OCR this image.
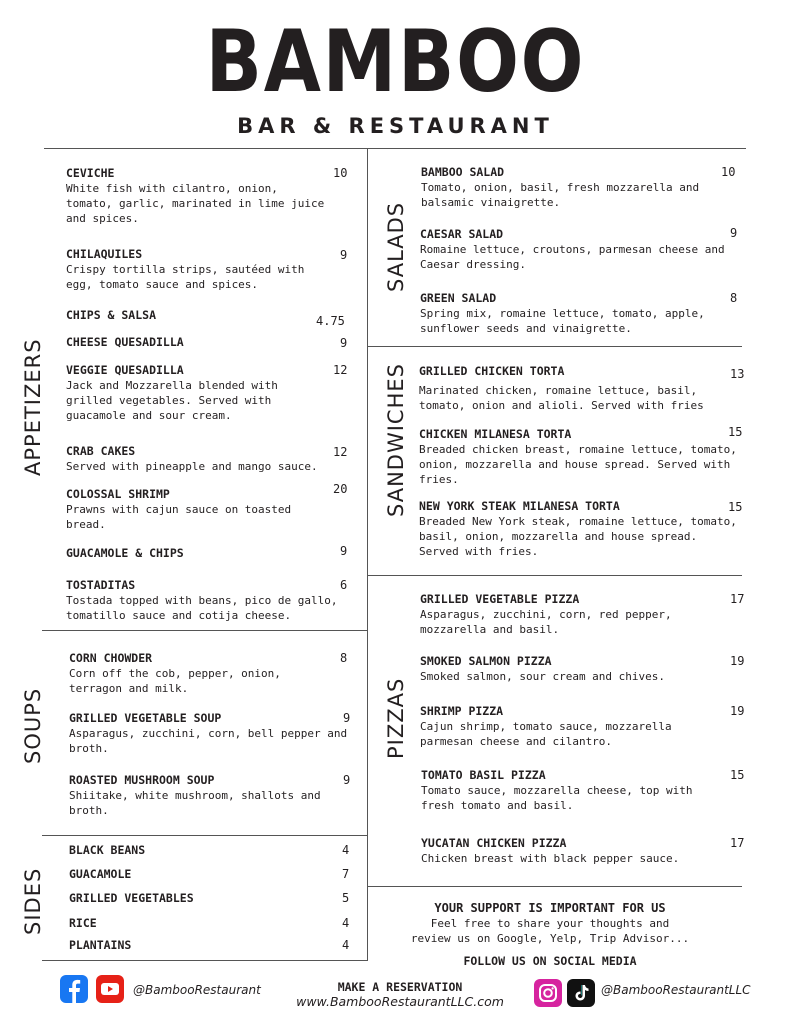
BAMBOO
BAR & RESTAURANT
APPETIZERS
SOUPS
SIDES
SALADS
SANDWICHES
PIZZAS
CEVICHE
White fish with cilantro, onion, tomato, garlic, marinated in lime juice and spices.
10
CHILAQUILES
Crispy tortilla strips, sautéed with egg, tomato sauce and spices.
9
CHIPS & SALSA	4.75
CHEESE QUESADILLA	9
VEGGIE QUESADILLA
Jack and Mozzarella blended with grilled vegetables. Served with guacamole and sour cream.
12
CRAB CAKES
Served with pineapple and mango sauce.
12
COLOSSAL SHRIMP
Prawns with cajun sauce on toasted bread.
20
GUACAMOLE & CHIPS	9
TOSTADITAS
Tostada topped with beans, pico de gallo, tomatillo sauce and cotija cheese.
6
CORN CHOWDER
Corn off the cob, pepper, onion, terragon and milk.
8
GRILLED VEGETABLE SOUP
Asparagus, zucchini, corn, bell pepper and broth.
9
ROASTED MUSHROOM SOUP
Shiitake, white mushroom, shallots and broth.
9
BLACK BEANS	4
GUACAMOLE	7
GRILLED VEGETABLES	5
RICE	4
PLANTAINS	4
BAMBOO SALAD
Tomato, onion, basil, fresh mozzarella and balsamic vinaigrette.
10
CAESAR SALAD
Romaine lettuce, croutons, parmesan cheese and Caesar dressing.
9
GREEN SALAD
Spring mix, romaine lettuce, tomato, apple, sunflower seeds and vinaigrette.
8
GRILLED CHICKEN TORTA
Marinated chicken, romaine lettuce, basil, tomato, onion and alioli. Served with fries
13
CHICKEN MILANESA TORTA
Breaded chicken breast, romaine lettuce, tomato, onion, mozzarella and house spread. Served with fries.
15
NEW YORK STEAK MILANESA TORTA
Breaded New York steak, romaine lettuce, tomato, basil, onion, mozzarella and house spread. Served with fries.
15
GRILLED VEGETABLE PIZZA
Asparagus, zucchini, corn, red pepper, mozzarella and basil.
17
SMOKED SALMON PIZZA
Smoked salmon, sour cream and chives.
19
SHRIMP PIZZA
Cajun shrimp, tomato sauce, mozzarella parmesan cheese and cilantro.
19
TOMATO BASIL PIZZA
Tomato sauce, mozzarella cheese, top with fresh tomato and basil.
15
YUCATAN CHICKEN PIZZA
Chicken breast with black pepper sauce.
17
YOUR SUPPORT IS IMPORTANT FOR US
Feel free to share your thoughts and
review us on Google, Yelp, Trip Advisor...
FOLLOW US ON SOCIAL MEDIA
@BambooRestaurant	MAKE A RESERVATION
www.BambooRestaurantLLC.com
@BambooRestaurantLLC
